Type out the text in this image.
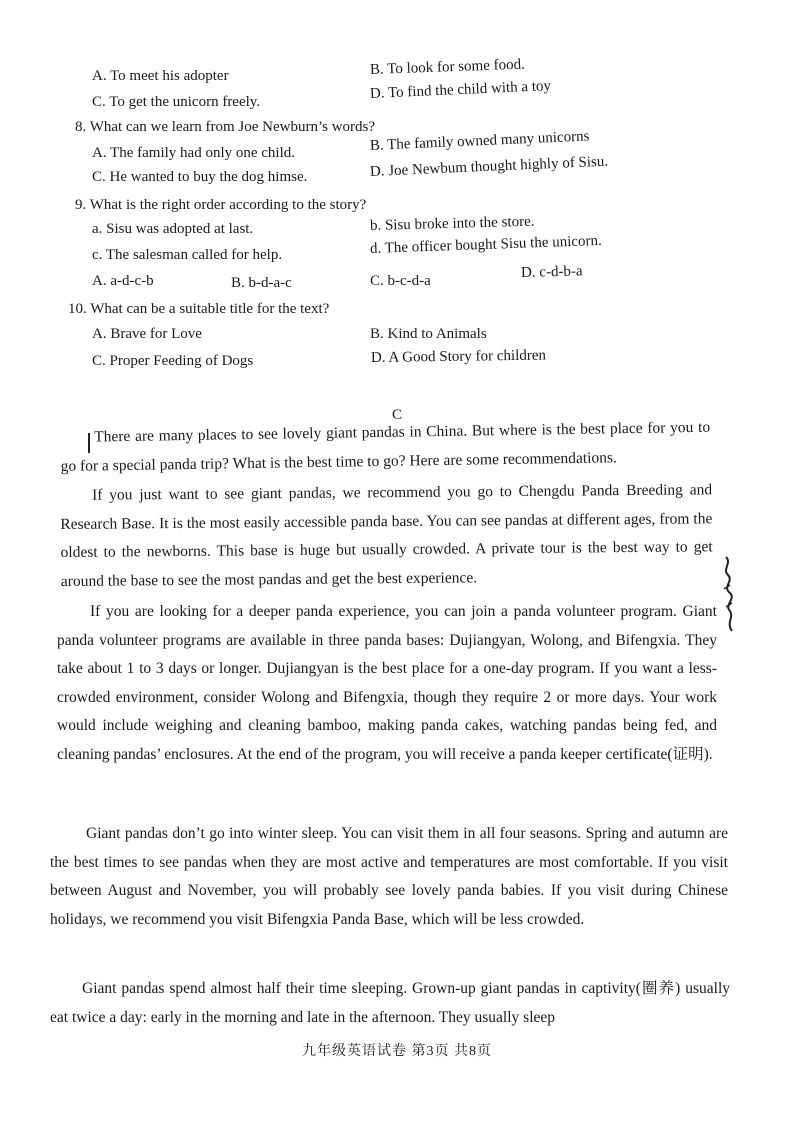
A. To meet his adopter	B. To look for some food.
C. To get the unicorn freely.
D. To find the child with a toy
8. What can we learn from Joe Newburn’s words?
A. The family had only one child.	B. The family owned many unicorns
C. He wanted to buy the dog himse.	D. Joe Newbum thought highly of Sisu.
9. What is the right order according to the story?
a. Sisu was adopted at last.	b. Sisu broke into the store.
c. The salesman called for help.	d. The officer bought Sisu the unicorn.
A. a-d-c-b	B. b-d-a-c	C. b-c-d-a
D. c-d-b-a
10. What can be a suitable title for the text?
A. Brave for Love	B. Kind to Animals
C. Proper Feeding of Dogs	D. A Good Story for children
C
There are many places to see lovely giant pandas in China. But where is the best place for you to go for a special panda trip? What is the best time to go? Here are some recommendations.
If you just want to see giant pandas, we recommend you go to Chengdu Panda Breeding and Research Base. It is the most easily accessible panda base. You can see pandas at different ages, from the oldest to the newborns. This base is huge but usually crowded. A private tour is the best way to get around the base to see the most pandas and get the best experience.
If you are looking for a deeper panda experience, you can join a panda volunteer program. Giant panda volunteer programs are available in three panda bases: Dujiangyan, Wolong, and Bifengxia. They take about 1 to 3 days or longer. Dujiangyan is the best place for a one-day program. If you want a less-crowded environment, consider Wolong and Bifengxia, though they require 2 or more days. Your work would include weighing and cleaning bamboo, making panda cakes, watching pandas being fed, and cleaning pandas’ enclosures. At the end of the program, you will receive a panda keeper certificate(证明).
Giant pandas don’t go into winter sleep. You can visit them in all four seasons. Spring and autumn are the best times to see pandas when they are most active and temperatures are most comfortable. If you visit between August and November, you will probably see lovely panda babies. If you visit during Chinese holidays, we recommend you visit Bifengxia Panda Base, which will be less crowded.
Giant pandas spend almost half their time sleeping. Grown-up giant pandas in captivity(圈养) usually eat twice a day: early in the morning and late in the afternoon. They usually sleep
九年级英语试卷 第3页 共8页
